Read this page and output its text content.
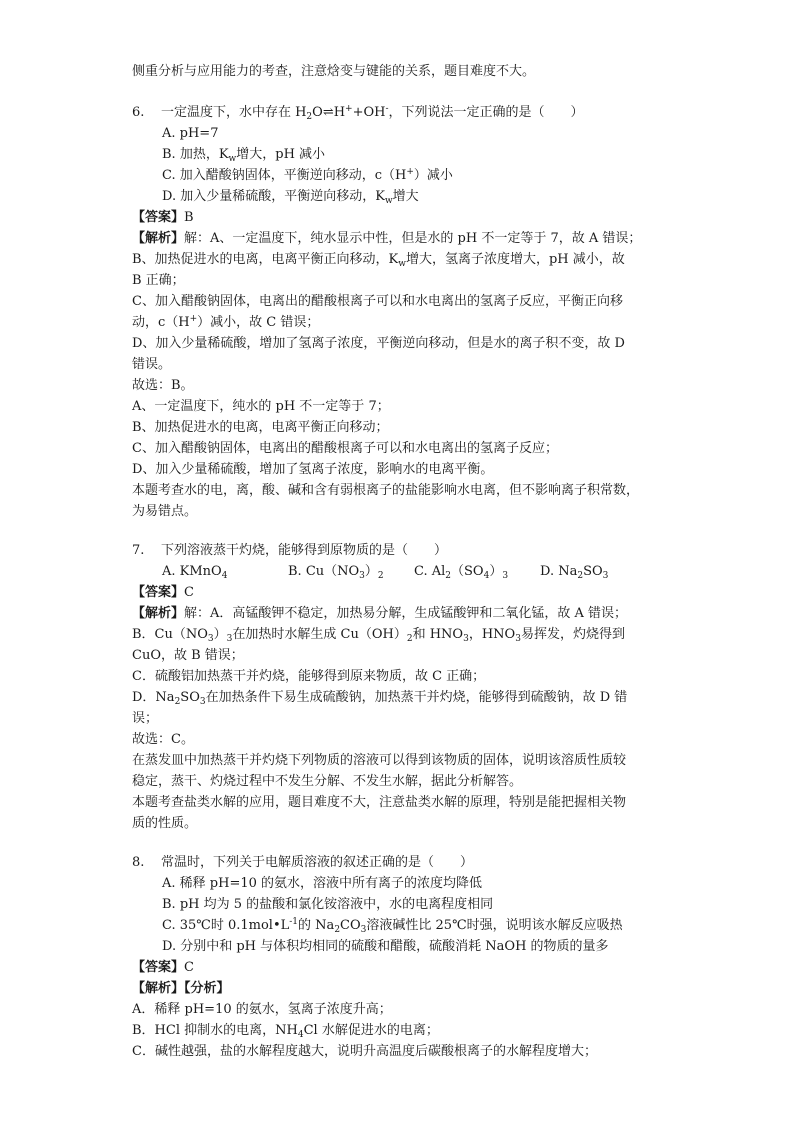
侧重分析与应用能力的考查，注意焓变与键能的关系，题目难度不大。
6. 一定温度下，水中存在 $H_2O\rightleftharpoons H^++OH^-$，下列说法一定正确的是（　　）
A. pH=7
B. 加热，$K_w$增大，pH 减小
C. 加入醋酸钠固体，平衡逆向移动，c（H+）减小
D. 加入少量稀硫酸，平衡逆向移动，$K_w$增大
【答案】B
【解析】解：A、一定温度下，纯水显示中性，但是水的 pH 不一定等于 7，故 A 错误；
B、加热促进水的电离，电离平衡正向移动，$K_w$增大，氢离子浓度增大，pH 减小，故
B 正确；
C、加入醋酸钠固体，电离出的醋酸根离子可以和水电离出的氢离子反应，平衡正向移
动，c（H+）减小，故 C 错误；
D、加入少量稀硫酸，增加了氢离子浓度，平衡逆向移动，但是水的离子积不变，故 D
错误。
故选：B。
A、一定温度下，纯水的 pH 不一定等于 7；
B、加热促进水的电离，电离平衡正向移动；
C、加入醋酸钠固体，电离出的醋酸根离子可以和水电离出的氢离子反应；
D、加入少量稀硫酸，增加了氢离子浓度，影响水的电离平衡。
本题考查水的电，离，酸、碱和含有弱根离子的盐能影响水电离，但不影响离子积常数，
为易错点。
7. 下列溶液蒸干灼烧，能够得到原物质的是（　　）
A. KMnO$_4$	B. $Cu(NO_3)_2$ C. $Al_2(SO_4)_3$ D. $Na_2SO_3$
【答案】C
【解析】解：A．高锰酸钾不稳定，加热易分解，生成锰酸钾和二氧化锰，故 A 错误；
B．$Cu(NO_3)_3$在加热时水解生成 $Cu(OH)_2$和 $HNO_3$，$HNO_3$易挥发，灼烧得到
CuO，故 B 错误；
C．硫酸铝加热蒸干并灼烧，能够得到原来物质，故 C 正确；
D．$Na_2SO_3$在加热条件下易生成硫酸钠，加热蒸干并灼烧，能够得到硫酸钠，故 D 错
误；
故选：C。
在蒸发皿中加热蒸干并灼烧下列物质的溶液可以得到该物质的固体，说明该溶质性质较
稳定，蒸干、灼烧过程中不发生分解、不发生水解，据此分析解答。
本题考查盐类水解的应用，题目难度不大，注意盐类水解的原理，特别是能把握相关物
质的性质。
8. 常温时，下列关于电解质溶液的叙述正确的是（　　）
A. 稀释 pH=10 的氨水，溶液中所有离子的浓度均降低
B. pH 均为 5 的盐酸和氯化铵溶液中，水的电离程度相同
C. 35℃时 $0.1mol•L^{-1}$的 $Na_2CO_3$溶液碱性比 25℃时强，说明该水解反应吸热
D. 分别中和 pH 与体积均相同的硫酸和醋酸，硫酸消耗 NaOH 的物质的量多
【答案】C
【解析】【分析】
A．稀释 pH=10 的氨水，氢离子浓度升高；
B．HCl 抑制水的电离，$NH_4Cl$ 水解促进水的电离；
C．碱性越强，盐的水解程度越大，说明升高温度后碳酸根离子的水解程度增大；
